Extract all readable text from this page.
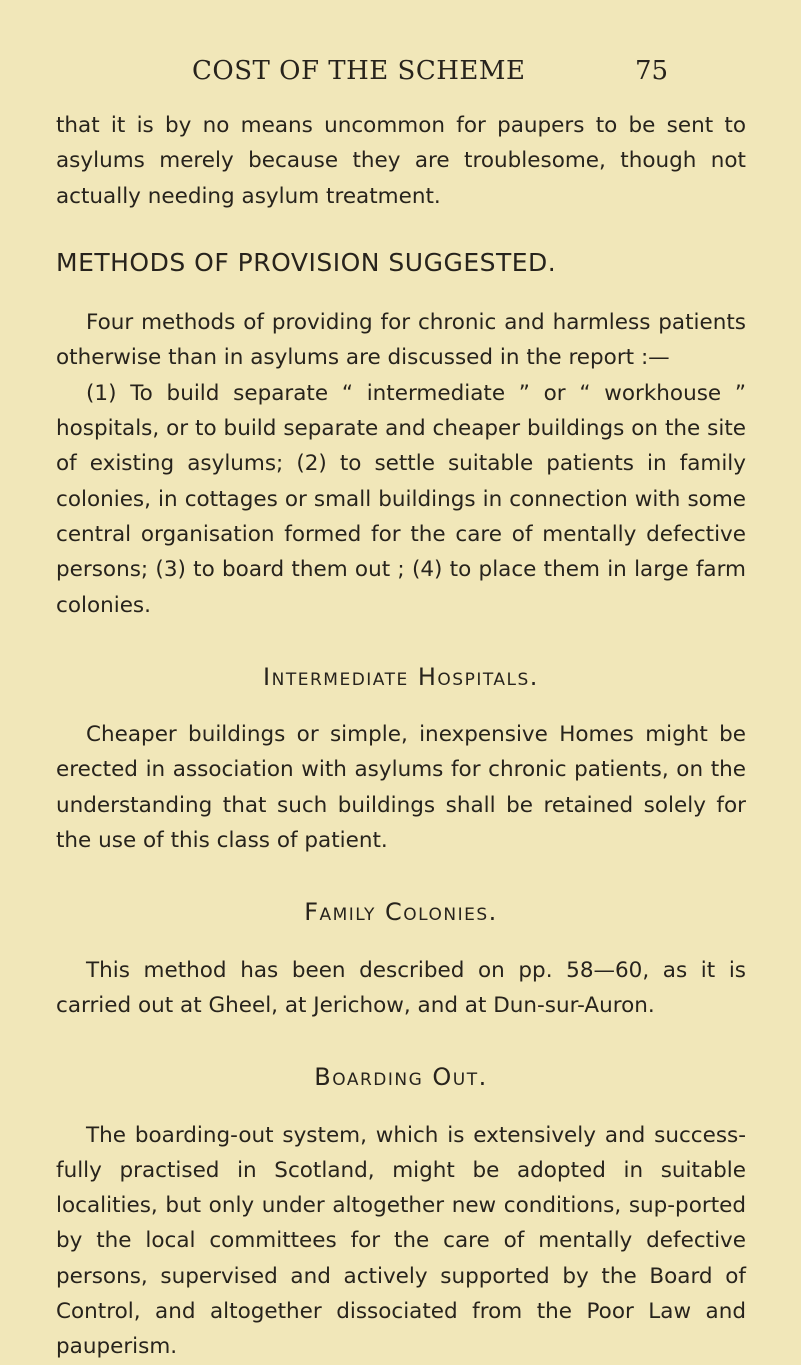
COST OF THE SCHEME	75

that it is by no means uncommon for paupers to be sent to asylums merely because they are troublesome, though not actually needing asylum treatment.

METHODS OF PROVISION SUGGESTED.

Four methods of providing for chronic and harmless patients otherwise than in asylums are discussed in the report :—

(1) To build separate “ intermediate ” or “ workhouse ” hospitals, or to build separate and cheaper buildings on the site of existing asylums; (2) to settle suitable patients in family colonies, in cottages or small buildings in connection with some central organisation formed for the care of mentally defective persons; (3) to board them out ; (4) to place them in large farm colonies.

Intermediate Hospitals.

Cheaper buildings or simple, inexpensive Homes might be erected in association with asylums for chronic patients, on the understanding that such buildings shall be retained solely for the use of this class of patient.

Family Colonies.

This method has been described on pp. 58—60, as it is carried out at Gheel, at Jerichow, and at Dun-sur-Auron.

Boarding Out.

The boarding-out system, which is extensively and success-fully practised in Scotland, might be adopted in suitable localities, but only under altogether new conditions, sup-ported by the local committees for the care of mentally defective persons, supervised and actively supported by the Board of Control, and altogether dissociated from the Poor Law and pauperism.
